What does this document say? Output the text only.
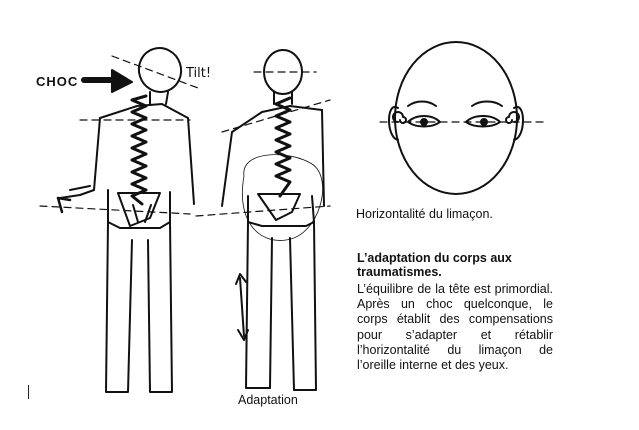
CHOC
Tilt!
Horizontalité du limaçon.
L’adaptation du corps aux traumatismes.
L’équilibre de la tête est primordial. Après un choc quelconque, le corps établit des compensations pour s’adapter et rétablir l’horizontalité du limaçon de l’oreille interne et des yeux.
Adaptation
